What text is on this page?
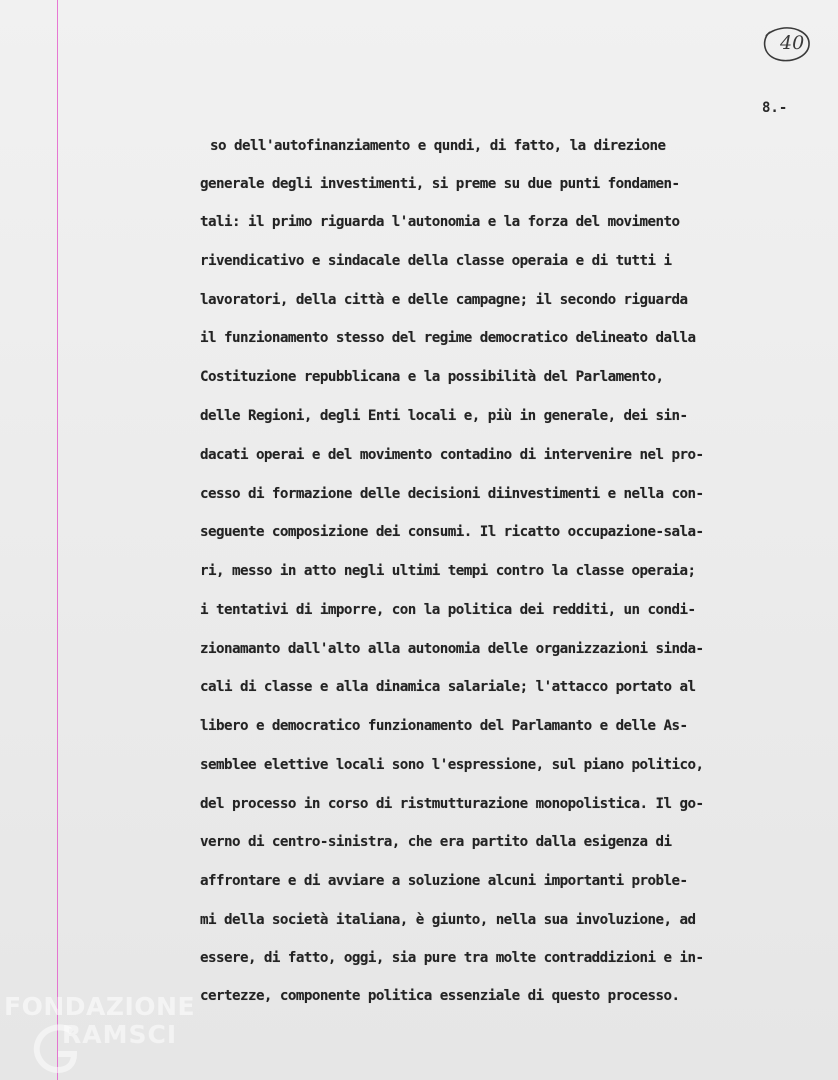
40
8.-
so dell'autofinanziamento e qundi, di fatto, la direzione
generale degli investimenti, si preme su due punti fondamen-
tali: il primo riguarda l'autonomia e la forza del movimento
rivendicativo e sindacale della classe operaia e di tutti i
lavoratori, della città e delle campagne; il secondo riguarda
il funzionamento stesso del regime democratico delineato dalla
Costituzione repubblicana e la possibilità del Parlamento,
delle Regioni, degli Enti locali e, più in generale, dei sin-
dacati operai e del movimento contadino di intervenire nel pro-
cesso di formazione delle decisioni diinvestimenti e nella con-
seguente composizione dei consumi. Il ricatto occupazione-sala-
ri, messo in atto negli ultimi tempi contro la classe operaia;
i tentativi di imporre, con la politica dei redditi, un condi-
zionamanto dall'alto alla autonomia delle organizzazioni sinda-
cali di classe e alla dinamica salariale; l'attacco portato al
libero e democratico funzionamento del Parlamanto e delle As-
semblee elettive locali sono l'espressione, sul piano politico,
del processo in corso di ristmutturazione monopolistica. Il go-
verno di centro-sinistra, che era partito dalla esigenza di
affrontare e di avviare a soluzione alcuni importanti proble-
mi della società italiana, è giunto, nella sua involuzione, ad
essere, di fatto, oggi, sia pure tra molte contraddizioni e in-
certezze, componente politica essenziale di questo processo.
FONDAZIONE
RAMSCI
